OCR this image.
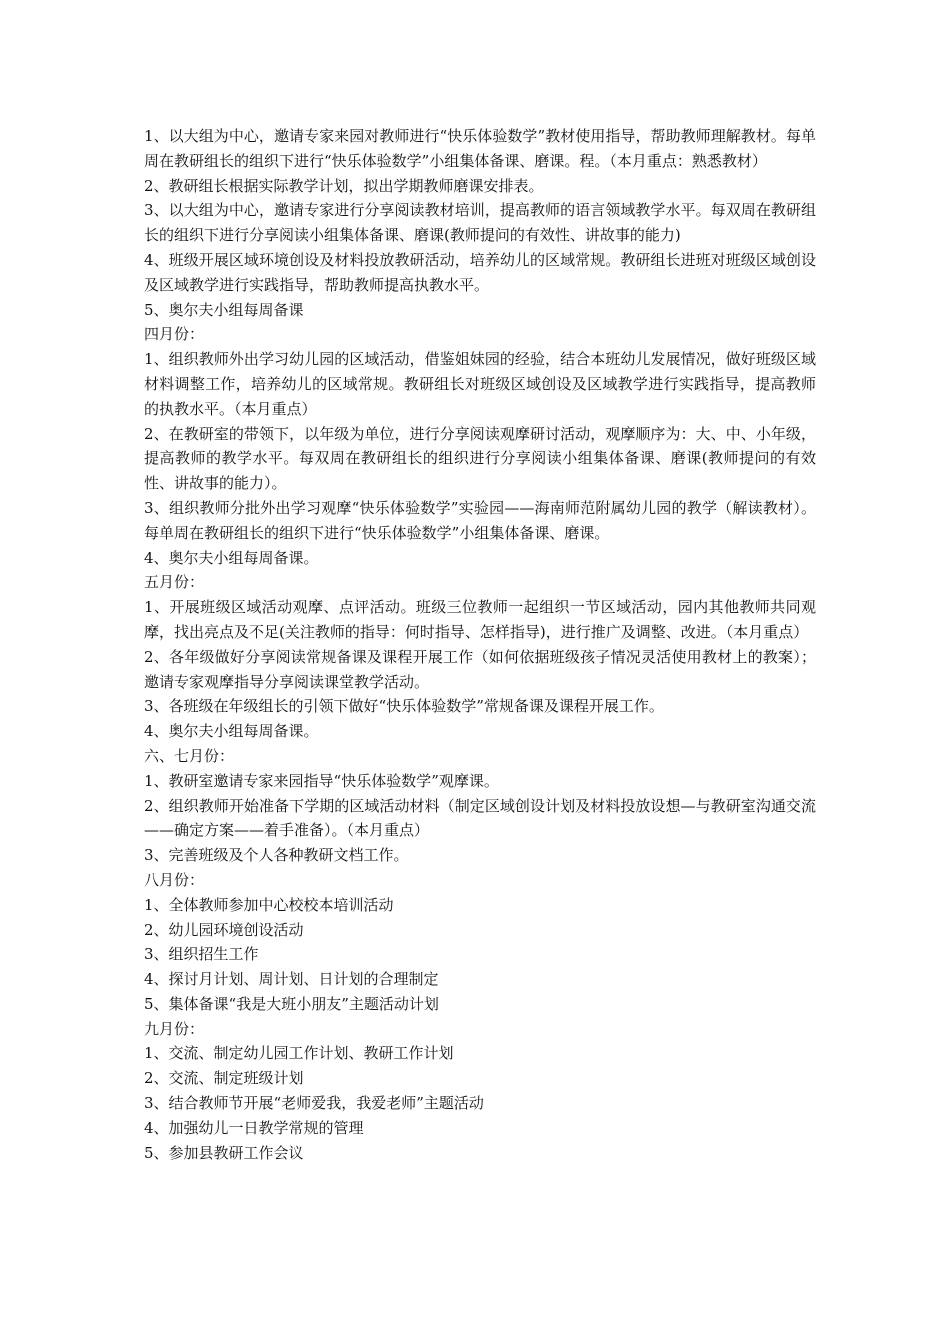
1、以大组为中心，邀请专家来园对教师进行“快乐体验数学”教材使用指导，帮助教师理解教材。每单周在教研组长的组织下进行“快乐体验数学”小组集体备课、磨课。程。（本月重点：熟悉教材）

2、教研组长根据实际教学计划，拟出学期教师磨课安排表。

3、以大组为中心，邀请专家进行分享阅读教材培训，提高教师的语言领域教学水平。每双周在教研组长的组织下进行分享阅读小组集体备课、磨课(教师提问的有效性、讲故事的能力)

4、班级开展区域环境创设及材料投放教研活动，培养幼儿的区域常规。教研组长进班对班级区域创设及区域教学进行实践指导，帮助教师提高执教水平。

5、奥尔夫小组每周备课

四月份：

1、组织教师外出学习幼儿园的区域活动，借鉴姐妹园的经验，结合本班幼儿发展情况，做好班级区域材料调整工作，培养幼儿的区域常规。教研组长对班级区域创设及区域教学进行实践指导，提高教师的执教水平。（本月重点）

2、在教研室的带领下，以年级为单位，进行分享阅读观摩研讨活动，观摩顺序为：大、中、小年级，提高教师的教学水平。每双周在教研组长的组织进行分享阅读小组集体备课、磨课(教师提问的有效性、讲故事的能力）。

3、组织教师分批外出学习观摩“快乐体验数学”实验园——海南师范附属幼儿园的教学（解读教材）。每单周在教研组长的组织下进行“快乐体验数学”小组集体备课、磨课。

4、奥尔夫小组每周备课。

五月份：

1、开展班级区域活动观摩、点评活动。班级三位教师一起组织一节区域活动，园内其他教师共同观摩，找出亮点及不足(关注教师的指导：何时指导、怎样指导)，进行推广及调整、改进。（本月重点）

2、各年级做好分享阅读常规备课及课程开展工作（如何依据班级孩子情况灵活使用教材上的教案）；邀请专家观摩指导分享阅读课堂教学活动。

3、各班级在年级组长的引领下做好“快乐体验数学”常规备课及课程开展工作。

4、奥尔夫小组每周备课。

六、七月份：

1、教研室邀请专家来园指导“快乐体验数学”观摩课。

2、组织教师开始准备下学期的区域活动材料（制定区域创设计划及材料投放设想—与教研室沟通交流——确定方案——着手准备）。（本月重点）

3、完善班级及个人各种教研文档工作。

八月份：

1、全体教师参加中心校校本培训活动

2、幼儿园环境创设活动

3、组织招生工作

4、探讨月计划、周计划、日计划的合理制定

5、集体备课“我是大班小朋友”主题活动计划

九月份：

1、交流、制定幼儿园工作计划、教研工作计划

2、交流、制定班级计划

3、结合教师节开展“老师爱我，我爱老师”主题活动

4、加强幼儿一日教学常规的管理

5、参加县教研工作会议
